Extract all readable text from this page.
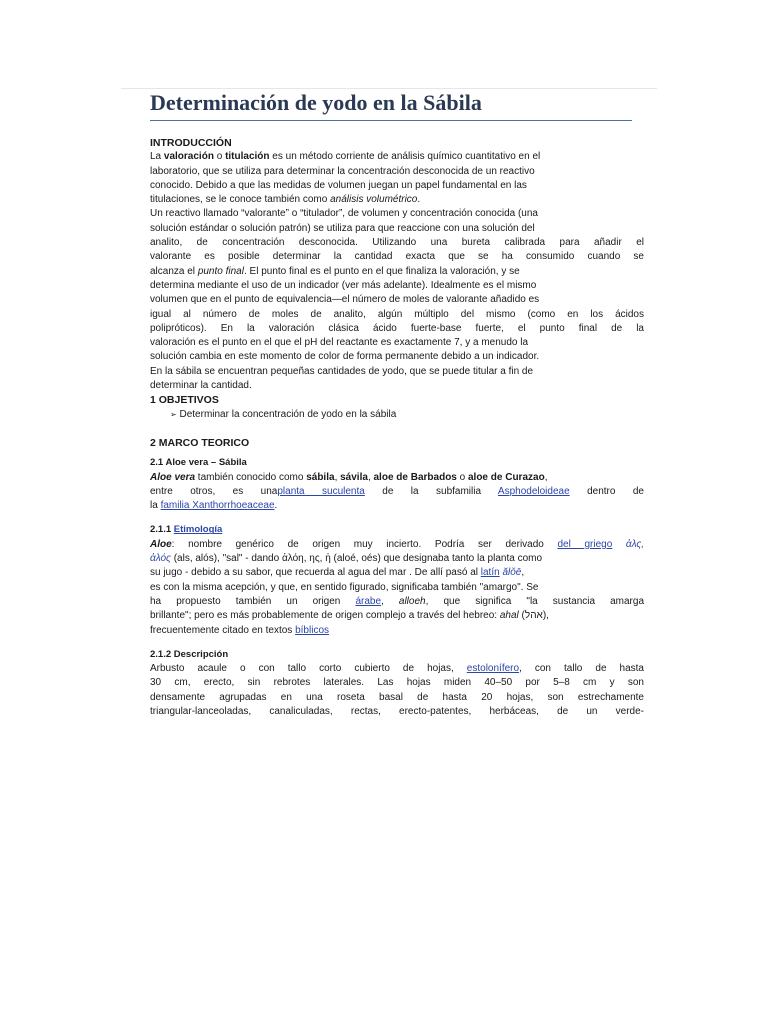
Determinación de yodo en la Sábila

INTRODUCCIÓN

La valoración o titulación es un método corriente de análisis químico cuantitativo en el

laboratorio, que se utiliza para determinar la concentración desconocida de un reactivo

conocido. Debido a que las medidas de volumen juegan un papel fundamental en las

titulaciones, se le conoce también como análisis volumétrico.

Un reactivo llamado “valorante” o “titulador”, de volumen y concentración conocida (una

solución estándar o solución patrón) se utiliza para que reaccione con una solución del

analito, de concentración desconocida. Utilizando una bureta calibrada para añadir el

valorante es posible determinar la cantidad exacta que se ha consumido cuando se

alcanza el punto final. El punto final es el punto en el que finaliza la valoración, y se

determina mediante el uso de un indicador (ver más adelante). Idealmente es el mismo

volumen que en el punto de equivalencia—el número de moles de valorante añadido es

igual al número de moles de analito, algún múltiplo del mismo (como en los ácidos

polipróticos). En la valoración clásica ácido fuerte-base fuerte, el punto final de la

valoración es el punto en el que el pH del reactante es exactamente 7, y a menudo la

solución cambia en este momento de color de forma permanente debido a un indicador.

En la sábila se encuentran pequeñas cantidades de yodo, que se puede titular a fin de

determinar la cantidad.

1 OBJETIVOS

➢ Determinar la concentración de yodo en la sábila

2 MARCO TEORICO

2.1 Aloe vera – Sábila

Aloe vera también conocido como sábila, sávila, aloe de Barbados o aloe de Curazao,

entre otros, es unaplanta suculenta de la subfamilia Asphodeloideae dentro de

la familia Xanthorrhoeaceae.

2.1.1 Etimología

Aloe: nombre genérico de origen muy incierto. Podría ser derivado del griego ἀλς,

ἀλός (als, alós), "sal" - dando ἀλόη, ης, ἡ (aloé, oés) que designaba tanto la planta como

su jugo - debido a su sabor, que recuerda al agua del mar . De allí pasó al latín ălŏē,

es con la misma acepción, y que, en sentido figurado, significaba también "amargo". Se

ha propuesto también un origen árabe, alloeh, que significa "la sustancia amarga

brillante"; pero es más probablemente de origen complejo a través del hebreo: ahal (אהל),

frecuentemente citado en textos bíblicos

2.1.2 Descripción

Arbusto acaule o con tallo corto cubierto de hojas, estolonífero, con tallo de hasta

30 cm, erecto, sin rebrotes laterales. Las hojas miden 40–50 por 5–8 cm y son

densamente agrupadas en una roseta basal de hasta 20 hojas, son estrechamente

triangular-lanceoladas, canaliculadas, rectas, erecto-patentes, herbáceas, de un verde-
